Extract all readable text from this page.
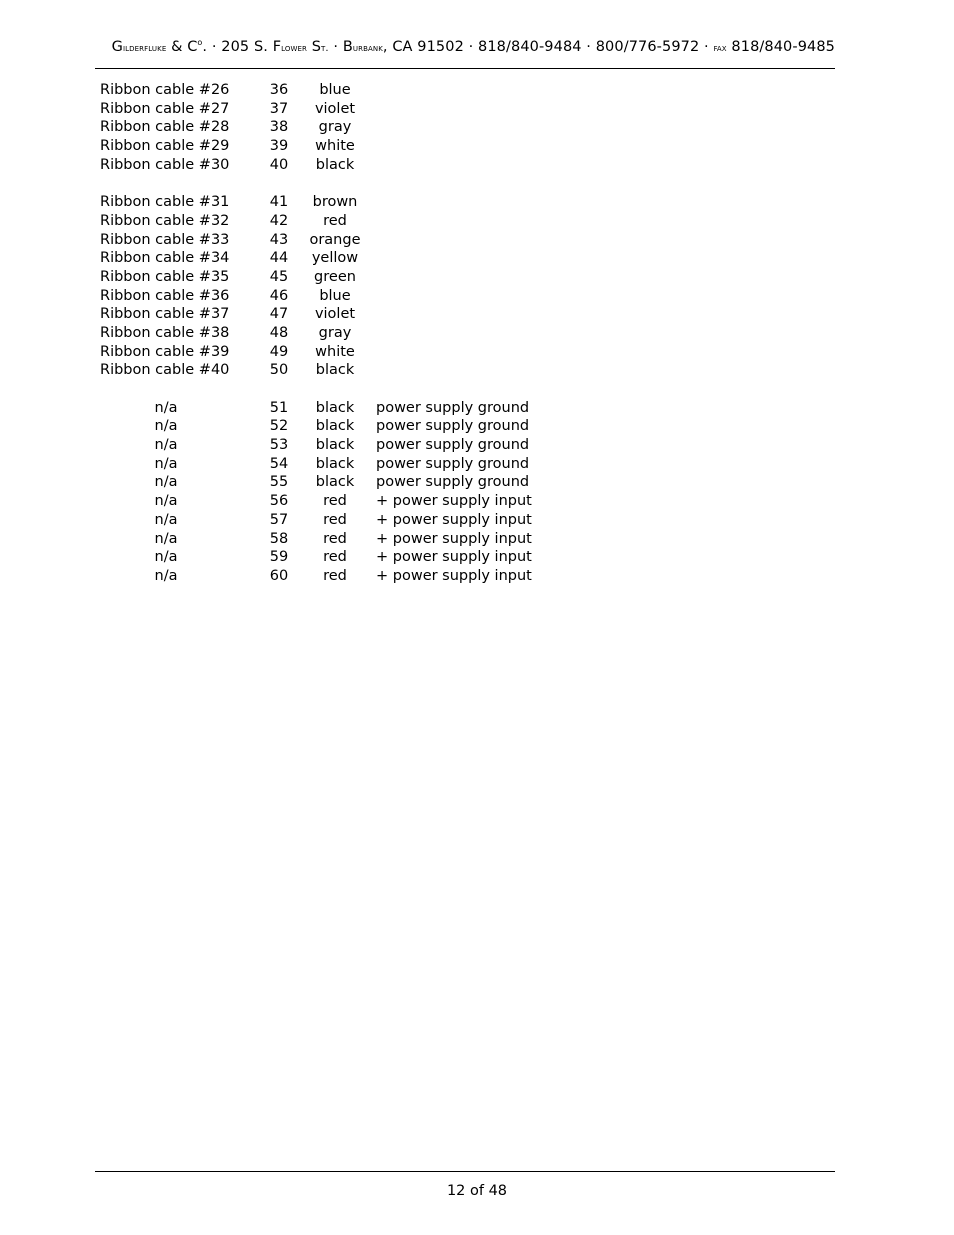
Gilderfluke & $C^o$. · 205 S. Flower St. · Burbank, CA 91502 · 818/840-9484 · 800/776-5972 · fax 818/840-9485
Ribbon cable #26	36	blue
Ribbon cable #27	37	violet
Ribbon cable #28	38	gray
Ribbon cable #29	39	white
Ribbon cable #30	40	black
Ribbon cable #31	41	brown
Ribbon cable #32	42	red
Ribbon cable #33	43	orange
Ribbon cable #34	44	yellow
Ribbon cable #35	45	green
Ribbon cable #36	46	blue
Ribbon cable #37	47	violet
Ribbon cable #38	48	gray
Ribbon cable #39	49	white
Ribbon cable #40	50	black
n/a	51	black	power supply ground
n/a	52	black	power supply ground
n/a	53	black	power supply ground
n/a	54	black	power supply ground
n/a	55	black	power supply ground
n/a	56	red	+ power supply input
n/a	57	red	+ power supply input
n/a	58	red	+ power supply input
n/a	59	red	+ power supply input
n/a	60	red	+ power supply input
12 of 48
